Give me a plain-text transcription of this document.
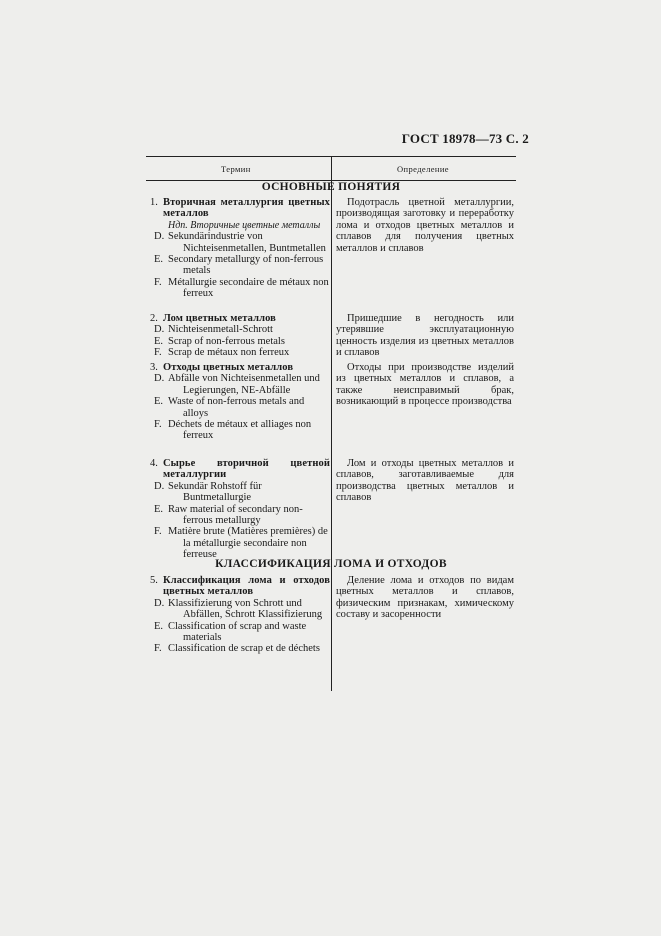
ГОСТ 18978—73 С. 2
Термин	Определение
ОСНОВНЫЕ ПОНЯТИЯ
1. Вторичная металлургия цветных металлов
Ндп. Вторичные цветные металлы
D. Sekundärindustrie von Nichteisenmetallen, Buntmetallen
E. Secondary metallurgy of non-ferrous metals
F. Métallurgie secondaire de métaux non ferreux
Подотрасль цветной металлургии, производящая заготовку и переработку лома и отходов цветных металлов и сплавов для получения цветных металлов и сплавов
2. Лом цветных металлов
D. Nichteisenmetall-Schrott
E. Scrap of non-ferrous metals
F. Scrap de métaux non ferreux
Пришедшие в негодность или утерявшие эксплуатационную ценность изделия из цветных металлов и сплавов
3. Отходы цветных металлов
D. Abfälle von Nichteisenmetallen und Legierungen, NE-Abfälle
E. Waste of non-ferrous metals and alloys
F. Déchets de métaux et alliages non ferreux
Отходы при производстве изделий из цветных металлов и сплавов, а также неисправимый брак, возникающий в процессе производства
4. Сырье вторичной цветной металлургии
D. Sekundär Rohstoff für Buntmetallurgie
E. Raw material of secondary non-ferrous metallurgy
F. Matière brute (Matières premières) de la métallurgie secondaire non ferreuse
Лом и отходы цветных металлов и сплавов, заготавливаемые для производства цветных металлов и сплавов
КЛАССИФИКАЦИЯ ЛОМА И ОТХОДОВ
5. Классификация лома и отходов цветных металлов
D. Klassifizierung von Schrott und Abfällen, Schrott Klassifizierung
E. Classification of scrap and waste materials
F. Classification de scrap et de déchets
Деление лома и отходов по видам цветных металлов и сплавов, физическим признакам, химическому составу и засоренности
